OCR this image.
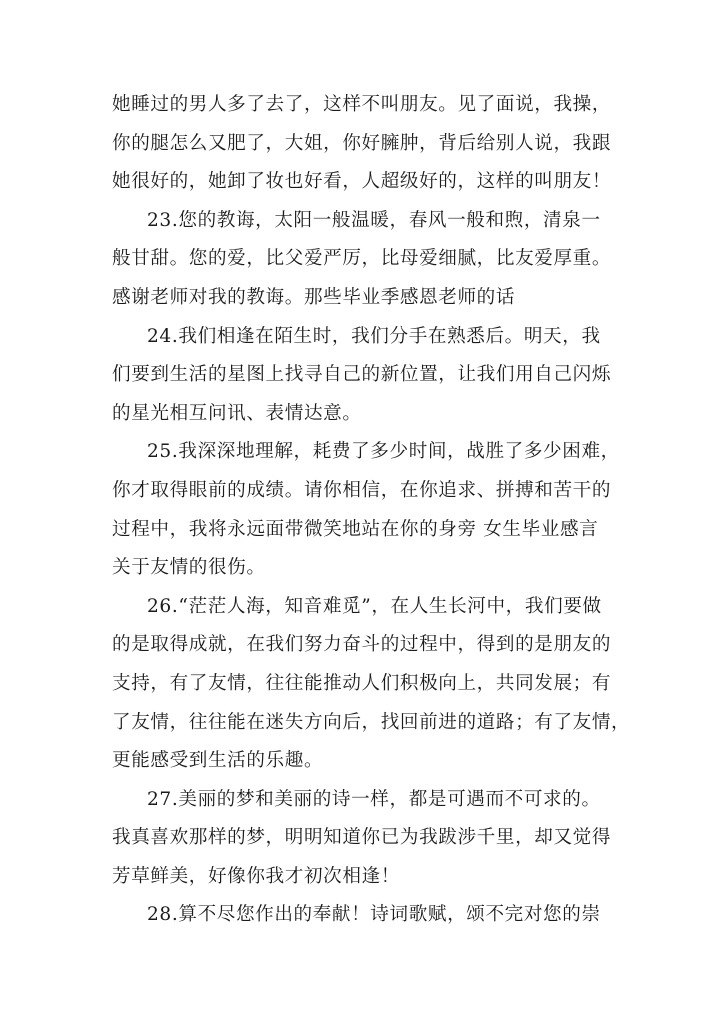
她睡过的男人多了去了，这样不叫朋友。见了面说，我操，
你的腿怎么又肥了，大姐，你好臃肿，背后给别人说，我跟
她很好的，她卸了妆也好看，人超级好的，这样的叫朋友！
23.您的教诲，太阳一般温暖，春风一般和煦，清泉一
般甘甜。您的爱，比父爱严厉，比母爱细腻，比友爱厚重。
感谢老师对我的教诲。那些毕业季感恩老师的话
24.我们相逢在陌生时，我们分手在熟悉后。明天，我
们要到生活的星图上找寻自己的新位置，让我们用自己闪烁
的星光相互问讯、表情达意。
25.我深深地理解，耗费了多少时间，战胜了多少困难，
你才取得眼前的成绩。请你相信，在你追求、拼搏和苦干的
过程中，我将永远面带微笑地站在你的身旁 女生毕业感言
关于友情的很伤。
26.“茫茫人海，知音难觅”，在人生长河中，我们要做
的是取得成就，在我们努力奋斗的过程中，得到的是朋友的
支持，有了友情，往往能推动人们积极向上，共同发展；有
了友情，往往能在迷失方向后，找回前进的道路；有了友情，
更能感受到生活的乐趣。
27.美丽的梦和美丽的诗一样，都是可遇而不可求的。
我真喜欢那样的梦，明明知道你已为我跋涉千里，却又觉得
芳草鲜美，好像你我才初次相逢！
28.算不尽您作出的奉献！诗词歌赋，颂不完对您的崇
